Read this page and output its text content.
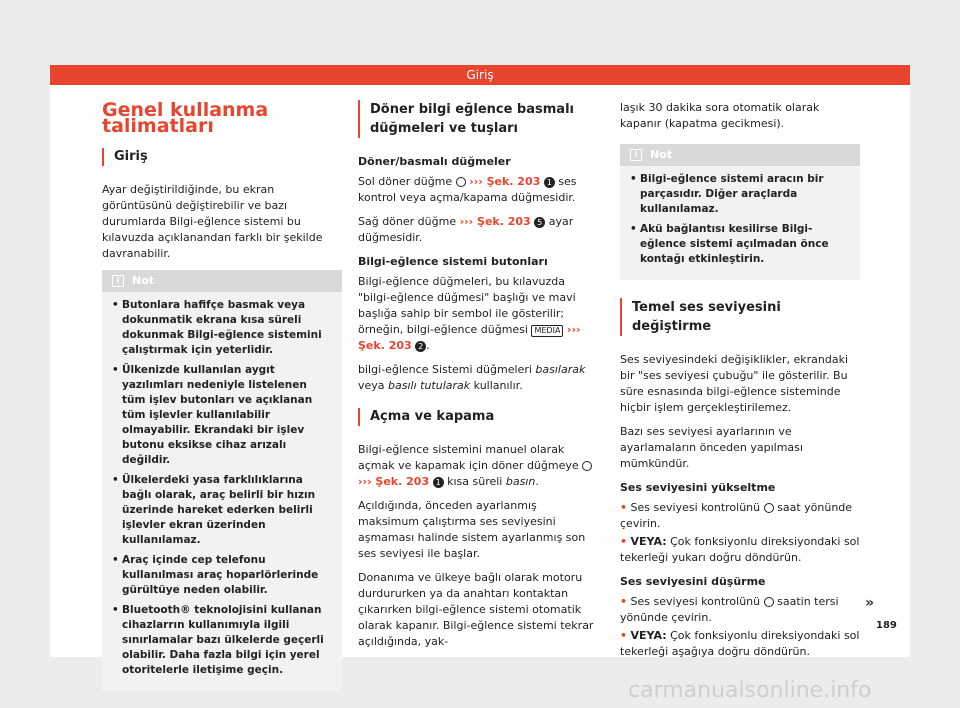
Giriş
Genel kullanma talimatları
Giriş

Ayar değiştirildiğinde, bu ekran görüntüsünü değiştirebilir ve bazı durumlarda Bilgi-eğlence sistemi bu kılavuzda açıklanandan farklı bir şekilde davranabilir.

i	Not
• Butonlara hafifçe basmak veya dokunmatik ekrana kısa süreli dokunmak Bilgi-eğlence sistemini çalıştırmak için yeterlidir.
• Ülkenizde kullanılan aygıt yazılımları nedeniyle listelenen tüm işlev butonları ve açıklanan tüm işlevler kullanılabilir olmayabilir. Ekrandaki bir işlev butonu eksikse cihaz arızalı değildir.
• Ülkelerdeki yasa farklılıklarına bağlı olarak, araç belirli bir hızın üzerinde hareket ederken belirli işlevler ekran üzerinden kullanılamaz.
• Araç içinde cep telefonu kullanılması araç hoparlörlerinde gürültüye neden olabilir.
• Bluetooth® teknolojisini kullanan cihazlarrın kullanımıyla ilgili sınırlamalar bazı ülkelerde geçerli olabilir. Daha fazla bilgi için yerel otoritelerle iletişime geçin.
Döner bilgi eğlence basmalı düğmeleri ve tuşları

Döner/basmalı düğmeler

Sol döner düğme ››› Şek. 203 1 ses kontrol veya açma/kapama düğmesidir.

Sağ döner düğme ››› Şek. 203 5 ayar düğmesidir.

Bilgi-eğlence sistemi butonları

Bilgi-eğlence düğmeleri, bu kılavuzda "bilgi-eğlence düğmesi" başlığı ve mavi başlığa sahip bir sembol ile gösterilir; örneğin, bilgi-eğlence düğmesi MEDIA ››› Şek. 203 2 .

bilgi-eğlence Sistemi düğmeleri basılarak veya basılı tutularak kullanılır.

Açma ve kapama

Bilgi-eğlence sistemini manuel olarak açmak ve kapamak için döner düğmeye  ››› Şek. 203 1 kısa süreli basın.

Açıldığında, önceden ayarlanmış maksimum çalıştırma ses seviyesini aşmaması halinde sistem ayarlanmış son ses seviyesi ile başlar.

Donanıma ve ülkeye bağlı olarak motoru durdururken ya da anahtarı kontaktan çıkarırken bilgi-eğlence sistemi otomatik olarak kapanır. Bilgi-eğlence sistemi tekrar açıldığında, yak-

laşık 30 dakika sora otomatik olarak kapanır (kapatma gecikmesi).

i	Not
• Bilgi-eğlence sistemi aracın bir parçasıdır. Diğer araçlarda kullanılamaz.
• Akü bağlantısı kesilirse Bilgi-eğlence sistemi açılmadan önce kontağı etkinleştirin.
Temel ses seviyesini değiştirme

Ses seviyesindeki değişiklikler, ekrandaki bir "ses seviyesi çubuğu" ile gösterilir. Bu süre esnasında bilgi-eğlence sisteminde hiçbir işlem gerçekleştirilemez.

Bazı ses seviyesi ayarlarının ve ayarlamaların önceden yapılması mümkündür.

Ses seviyesini yükseltme

• Ses seviyesi kontrolünü saat yönünde çevirin.

• VEYA: Çok fonksiyonlu direksiyondaki sol tekerleği yukarı doğru döndürün.

Ses seviyesini düşürme

• Ses seviyesi kontrolünü saatin tersi yönünde çevirin.

• VEYA: Çok fonksiyonlu direksiyondaki sol tekerleği aşağıya doğru döndürün.

»
189
carmanualsonline.info
